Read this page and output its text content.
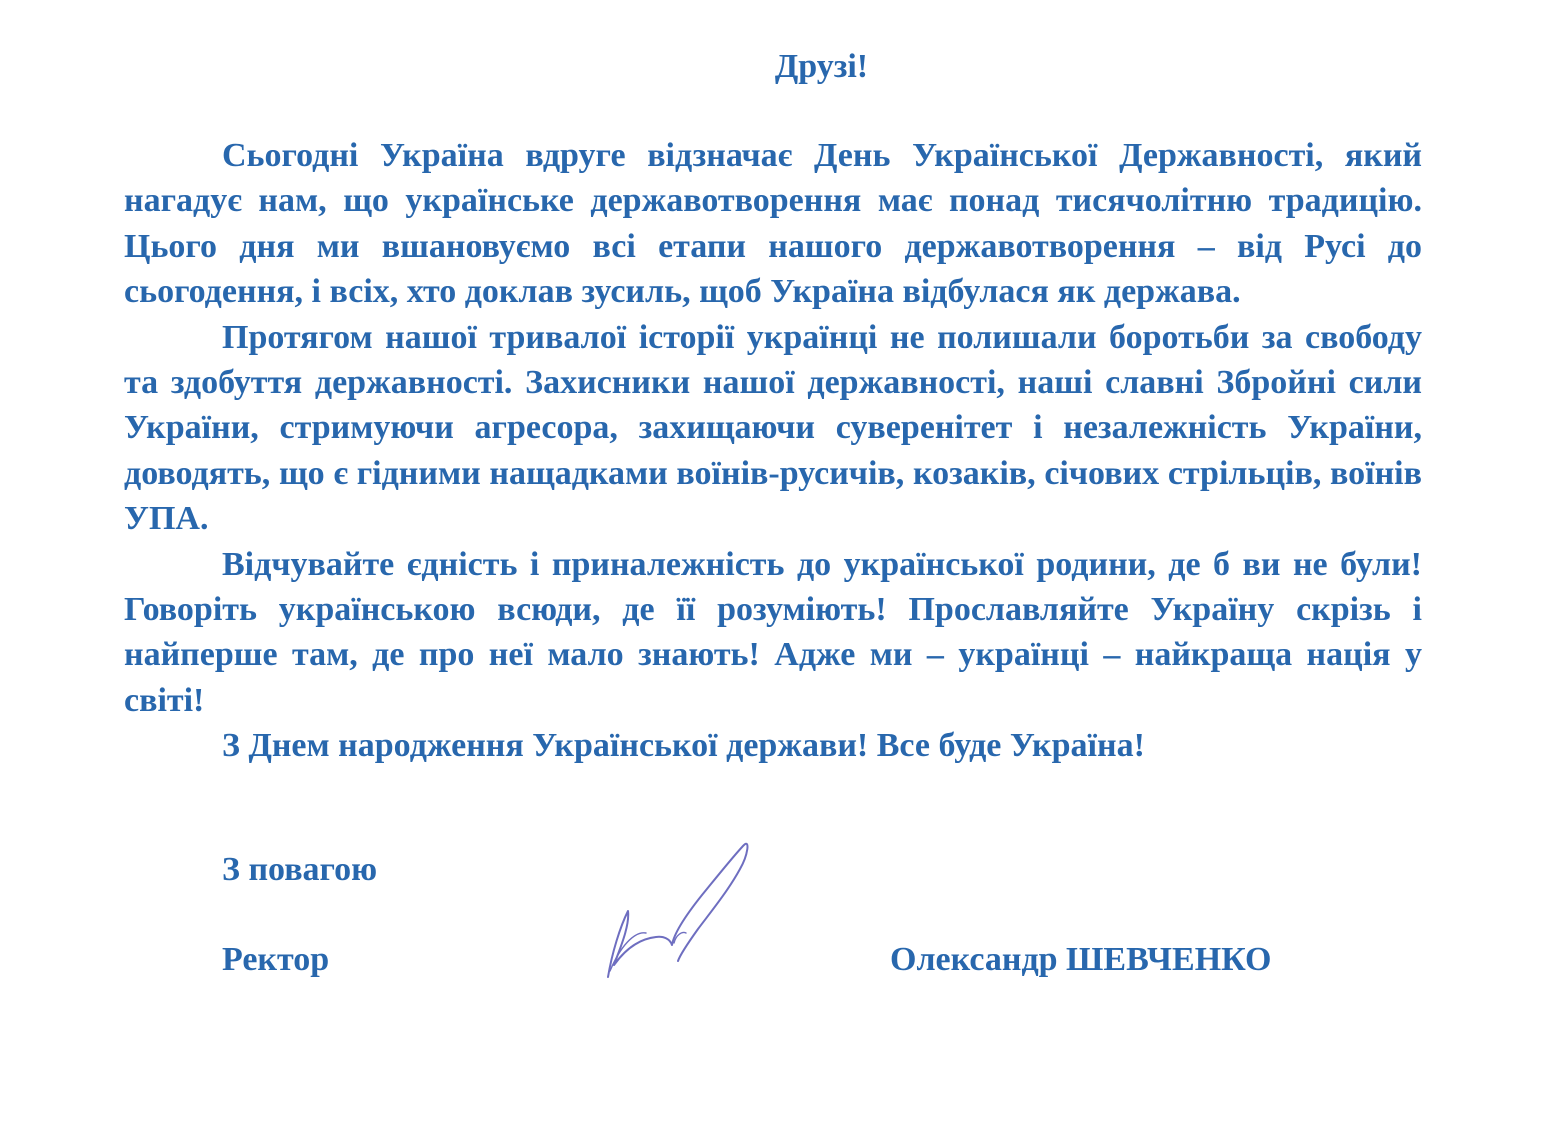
Друзі!

Сьогодні Україна вдруге відзначає День Української Державності, який нагадує нам, що українське державотворення має понад тисячолітню традицію. Цього дня ми вшановуємо всі етапи нашого державотворення – від Русі до сьогодення, і всіх, хто доклав зусиль, щоб Україна відбулася як держава.

Протягом нашої тривалої історії українці не полишали боротьби за свободу та здобуття державності. Захисники нашої державності, наші славні Збройні сили України, стримуючи агресора, захищаючи суверенітет і незалежність України, доводять, що є гідними нащадками воїнів-русичів, козаків, січових стрільців, воїнів УПА.

Відчувайте єдність і приналежність до української родини, де б ви не були! Говоріть українською всюди, де її розуміють! Прославляйте Україну скрізь і найперше там, де про неї мало знають! Адже ми – українці – найкраща нація у світі!

З Днем народження Української держави! Все буде Україна!

З повагою

Ректор	Олександр ШЕВЧЕНКО
